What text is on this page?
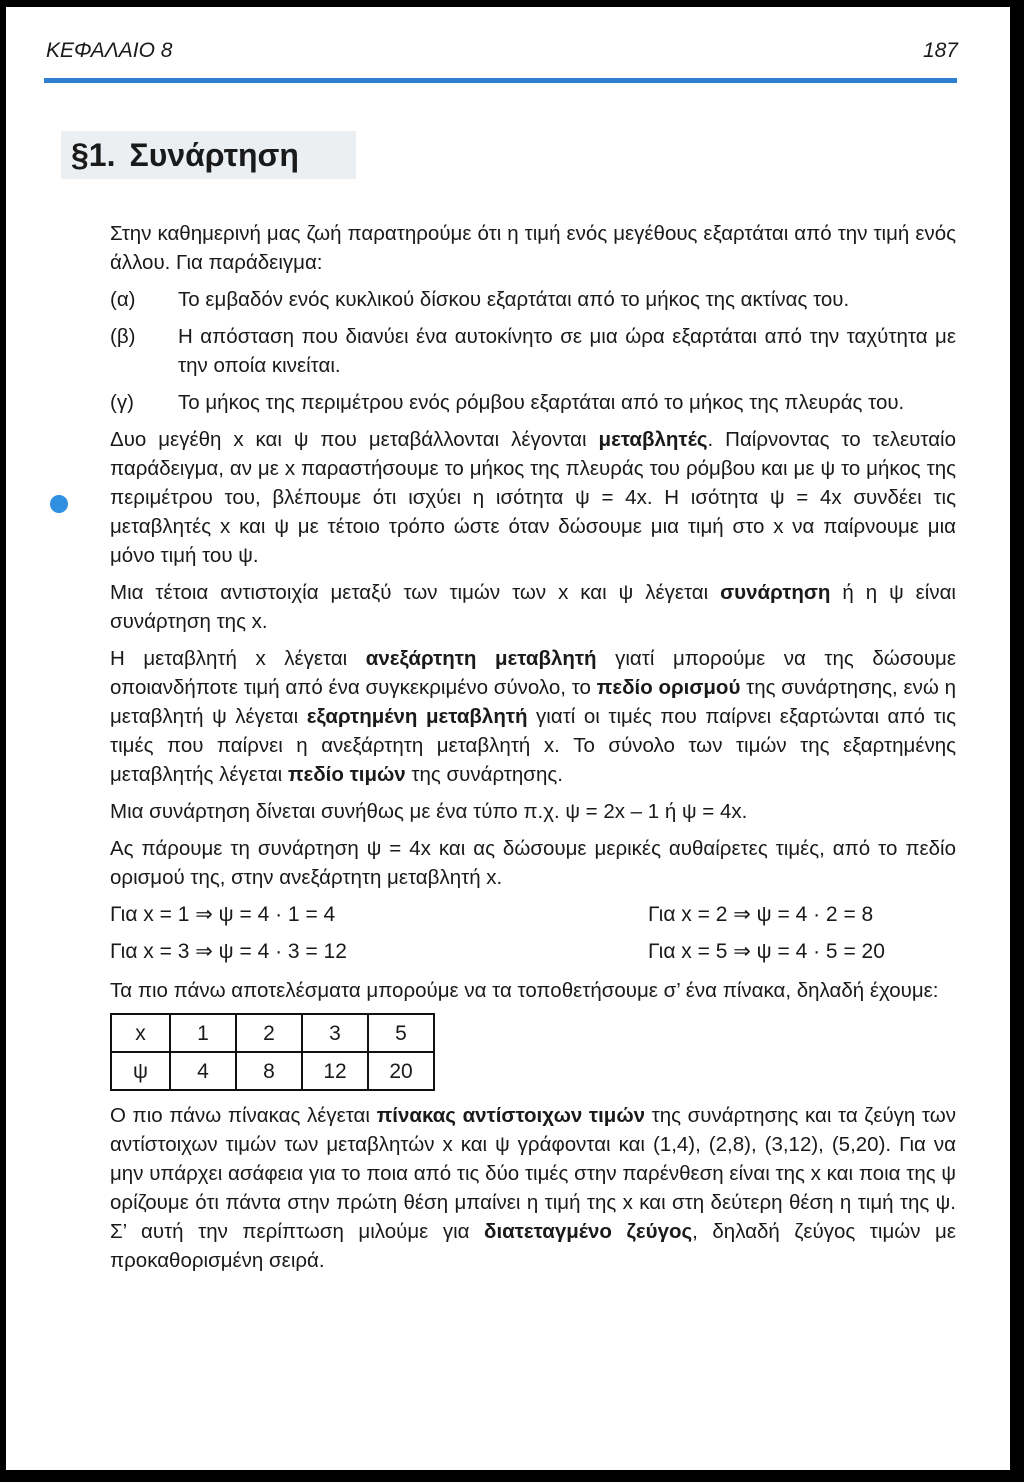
ΚΕΦΑΛΑΙΟ 8	187
§1. Συνάρτηση

Στην καθημερινή μας ζωή παρατηρούμε ότι η τιμή ενός μεγέθους εξαρτάται από την τιμή ενός άλλου. Για παράδειγμα:

(α)	Το εμβαδόν ενός κυκλικού δίσκου εξαρτάται από το μήκος της ακτίνας του.
(β)	Η απόσταση που διανύει ένα αυτοκίνητο σε μια ώρα εξαρτάται από την ταχύτητα με την οποία κινείται.
(γ)	Το μήκος της περιμέτρου ενός ρόμβου εξαρτάται από το μήκος της πλευράς του.

Δυο μεγέθη x και ψ που μεταβάλλονται λέγονται μεταβλητές. Παίρνοντας το τελευταίο παράδειγμα, αν με x παραστήσουμε το μήκος της πλευράς του ρόμβου και με ψ το μήκος της περιμέτρου του, βλέπουμε ότι ισχύει η ισότητα ψ = 4x. Η ισότητα ψ = 4x συνδέει τις μεταβλητές x και ψ με τέτοιο τρόπο ώστε όταν δώσουμε μια τιμή στο x να παίρνουμε μια μόνο τιμή του ψ.

Μια τέτοια αντιστοιχία μεταξύ των τιμών των x και ψ λέγεται συνάρτηση ή η ψ είναι συνάρτηση της x.

Η μεταβλητή x λέγεται ανεξάρτητη μεταβλητή γιατί μπορούμε να της δώσουμε οποιανδήποτε τιμή από ένα συγκεκριμένο σύνολο, το πεδίο ορισμού της συνάρτησης, ενώ η μεταβλητή ψ λέγεται εξαρτημένη μεταβλητή γιατί οι τιμές που παίρνει εξαρτώνται από τις τιμές που παίρνει η ανεξάρτητη μεταβλητή x. Το σύνολο των τιμών της εξαρτημένης μεταβλητής λέγεται πεδίο τιμών της συνάρτησης.

Μια συνάρτηση δίνεται συνήθως με ένα τύπο π.χ. ψ = 2x – 1 ή ψ = 4x.

Ας πάρουμε τη συνάρτηση ψ = 4x και ας δώσουμε μερικές αυθαίρετες τιμές, από το πεδίο ορισμού της, στην ανεξάρτητη μεταβλητή x.

Για x = 1 ⇒ ψ = 4 · 1 = 4	Για x = 2 ⇒ ψ = 4 · 2 = 8
Για x = 3 ⇒ ψ = 4 · 3 = 12	Για x = 5 ⇒ ψ = 4 · 5 = 20

Τα πιο πάνω αποτελέσματα μπορούμε να τα τοποθετήσουμε σ’ ένα πίνακα, δηλαδή έχουμε:

x	1	2	3	5
ψ	4	8	12	20

Ο πιο πάνω πίνακας λέγεται πίνακας αντίστοιχων τιμών της συνάρτησης και τα ζεύγη των αντίστοιχων τιμών των μεταβλητών x και ψ γράφονται και (1,4), (2,8), (3,12), (5,20). Για να μην υπάρχει ασάφεια για το ποια από τις δύο τιμές στην παρένθεση είναι της x και ποια της ψ ορίζουμε ότι πάντα στην πρώτη θέση μπαίνει η τιμή της x και στη δεύτερη θέση η τιμή της ψ. Σ’ αυτή την περίπτωση μιλούμε για διατεταγμένο ζεύγος, δηλαδή ζεύγος τιμών με προκαθορισμένη σειρά.
